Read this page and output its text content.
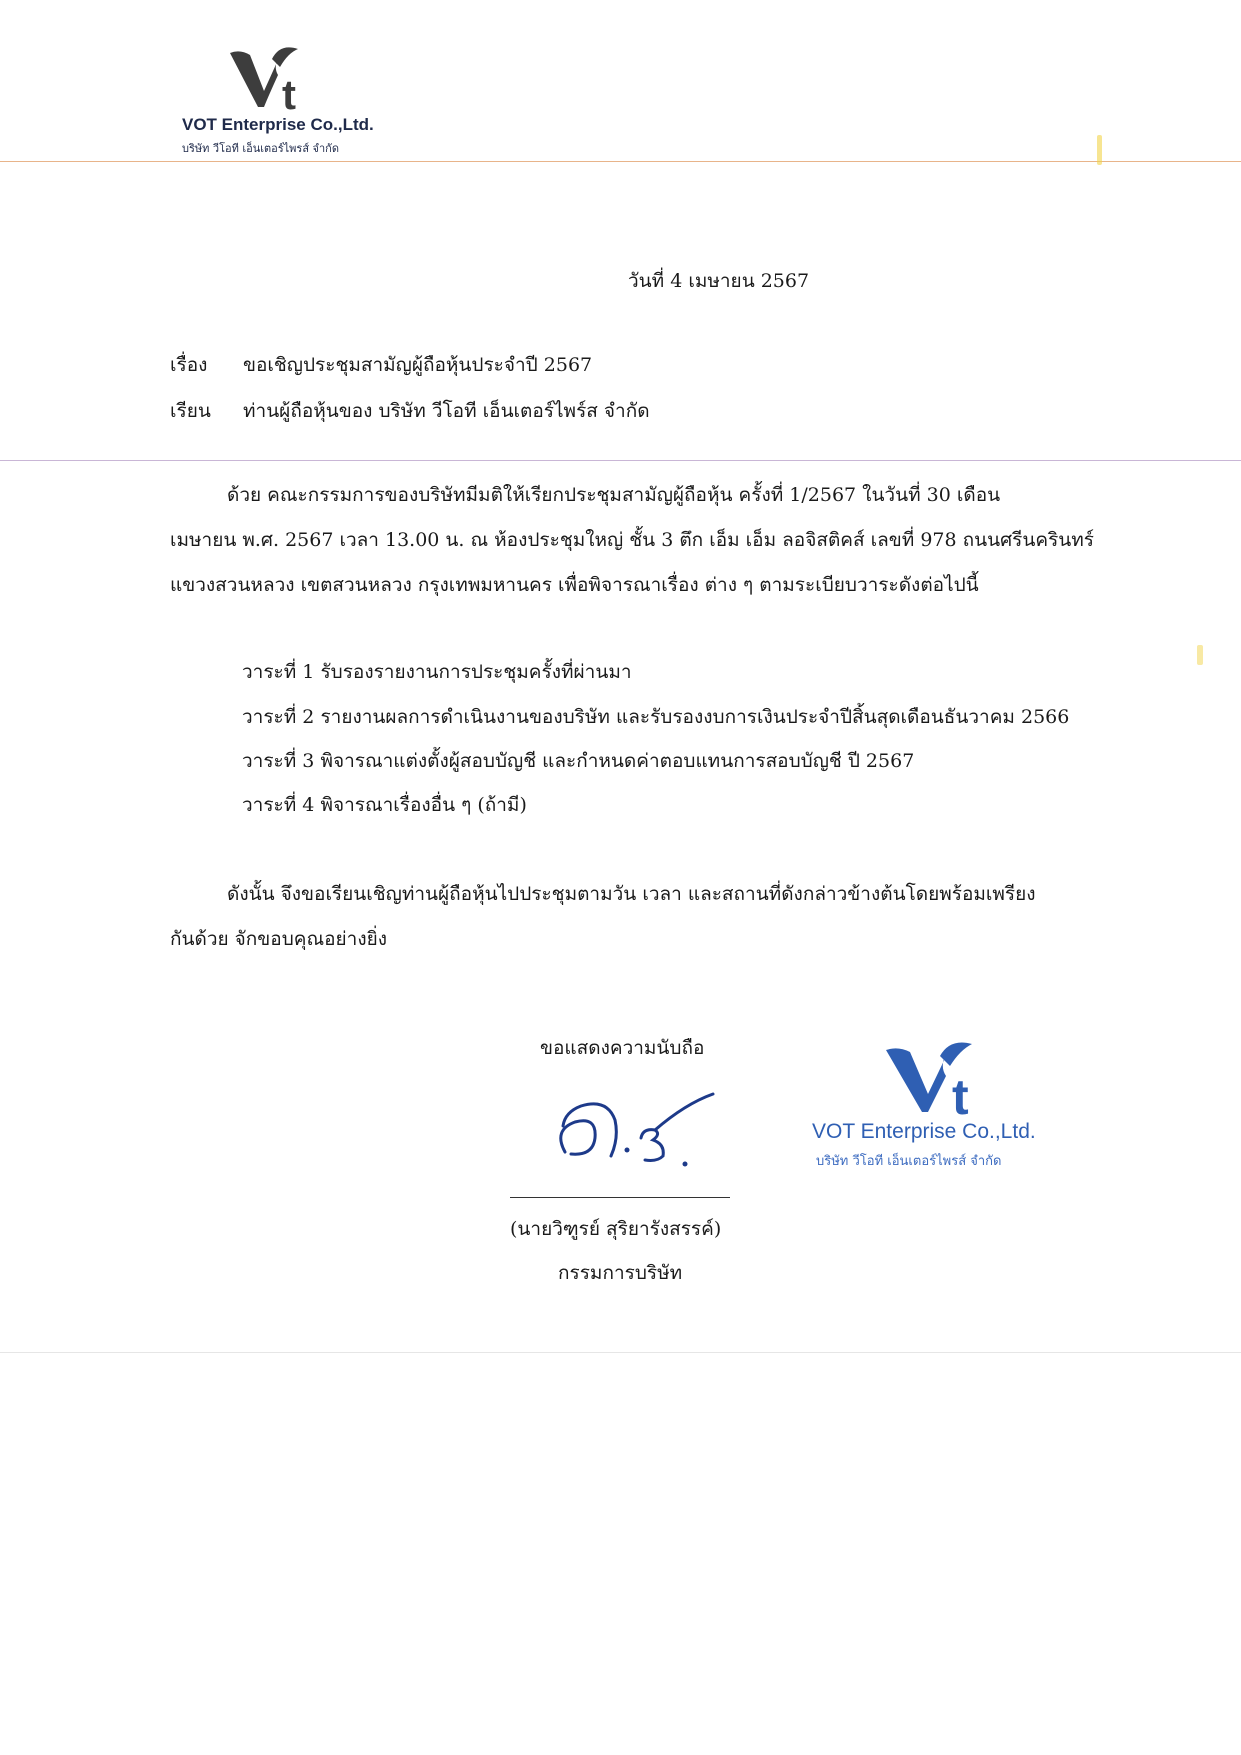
t
VOT Enterprise Co.,Ltd.
บริษัท วีโอที เอ็นเตอร์ไพรส์ จำกัด
วันที่ 4 เมษายน 2567
เรื่อง ขอเชิญประชุมสามัญผู้ถือหุ้นประจำปี 2567
เรียน ท่านผู้ถือหุ้นของ บริษัท วีโอที เอ็นเตอร์ไพร์ส จำกัด
ด้วย คณะกรรมการของบริษัทมีมติให้เรียกประชุมสามัญผู้ถือหุ้น ครั้งที่ 1/2567 ในวันที่ 30 เดือน
เมษายน พ.ศ. 2567 เวลา 13.00 น. ณ ห้องประชุมใหญ่ ชั้น 3 ตึก เอ็ม เอ็ม ลอจิสติคส์ เลขที่ 978 ถนนศรีนครินทร์
แขวงสวนหลวง เขตสวนหลวง กรุงเทพมหานคร เพื่อพิจารณาเรื่อง ต่าง ๆ ตามระเบียบวาระดังต่อไปนี้
วาระที่ 1 รับรองรายงานการประชุมครั้งที่ผ่านมา
วาระที่ 2 รายงานผลการดำเนินงานของบริษัท และรับรองงบการเงินประจำปีสิ้นสุดเดือนธันวาคม 2566
วาระที่ 3 พิจารณาแต่งตั้งผู้สอบบัญชี และกำหนดค่าตอบแทนการสอบบัญชี ปี 2567
วาระที่ 4 พิจารณาเรื่องอื่น ๆ (ถ้ามี)
ดังนั้น จึงขอเรียนเชิญท่านผู้ถือหุ้นไปประชุมตามวัน เวลา และสถานที่ดังกล่าวข้างต้นโดยพร้อมเพรียง
กันด้วย จักขอบคุณอย่างยิ่ง
ขอแสดงความนับถือ
(นายวิฑูรย์ สุริยารังสรรค์)
กรรมการบริษัท
t
VOT Enterprise Co.,Ltd.
บริษัท วีโอที เอ็นเตอร์ไพรส์ จำกัด
